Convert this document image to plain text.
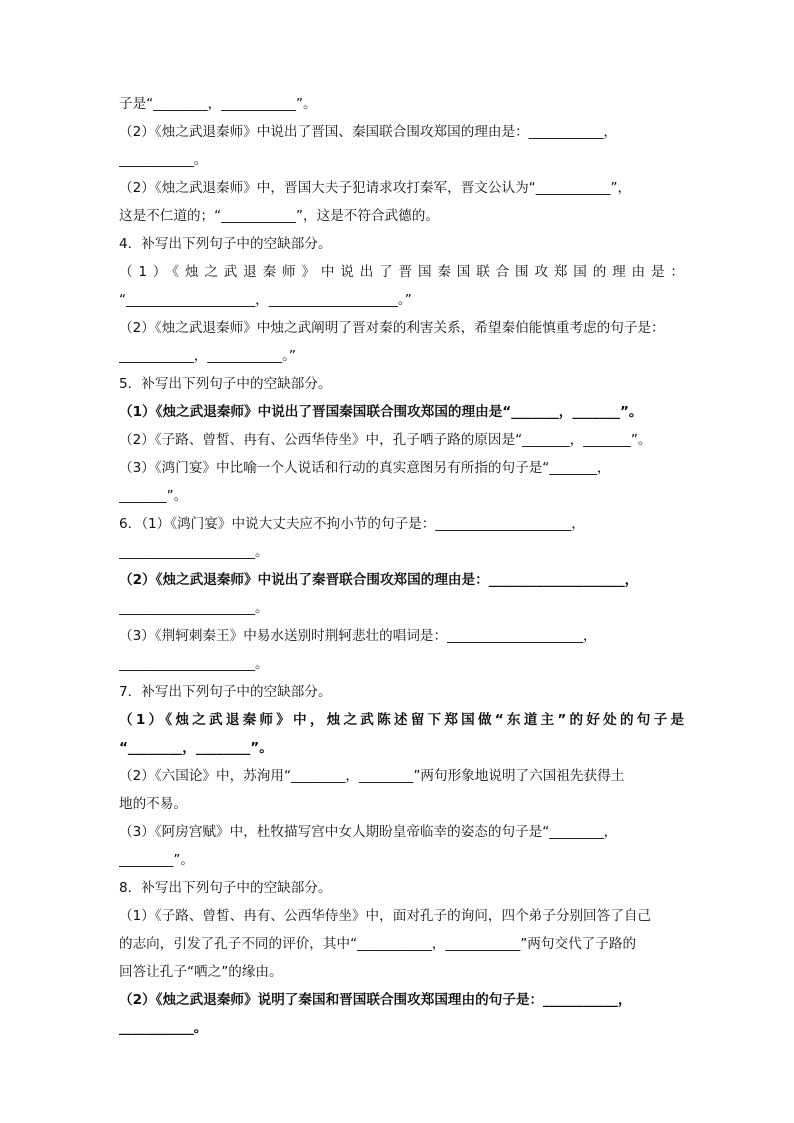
子是“________，___________”。
（2）《烛之武退秦师》中说出了晋国、秦国联合围攻郑国的理由是：___________，
___________。
（2）《烛之武退秦师》中，晋国大夫子犯请求攻打秦军，晋文公认为“___________”，
这是不仁道的；“___________”，这是不符合武德的。
4．补写出下列句子中的空缺部分。
（1）《烛之武退秦师》中说出了晋国秦国联合围攻郑国的理由是：
“___________________，___________________。”
（2）《烛之武退秦师》中烛之武阐明了晋对秦的利害关系，希望秦伯能慎重考虑的句子是：
___________，___________。”
5．补写出下列句子中的空缺部分。
（1）《烛之武退秦师》中说出了晋国秦国联合围攻郑国的理由是“_______，_______”。
（2）《子路、曾皙、冉有、公西华侍坐》中，孔子哂子路的原因是“_______，_______”。
（3）《鸿门宴》中比喻一个人说话和行动的真实意图另有所指的句子是“_______，
_______”。
6．（1）《鸿门宴》中说大丈夫应不拘小节的句子是：____________________，
____________________。
（2）《烛之武退秦师》中说出了秦晋联合围攻郑国的理由是：____________________，
____________________。
（3）《荆轲刺秦王》中易水送别时荆轲悲壮的唱词是：____________________，
____________________。
7．补写出下列句子中的空缺部分。
（1）《烛之武退秦师》中，烛之武陈述留下郑国做“东道主”的好处的句子是
“________，________”。
（2）《六国论》中，苏洵用“________，________”两句形象地说明了六国祖先获得土
地的不易。
（3）《阿房宫赋》中，杜牧描写宫中女人期盼皇帝临幸的姿态的句子是“________，
________”。
8．补写出下列句子中的空缺部分。
（1）《子路、曾皙、冉有、公西华侍坐》中，面对孔子的询问，四个弟子分别回答了自己
的志向，引发了孔子不同的评价，其中“___________，___________”两句交代了子路的
回答让孔子“哂之”的缘由。
（2）《烛之武退秦师》说明了秦国和晋国联合围攻郑国理由的句子是：___________，
___________。
